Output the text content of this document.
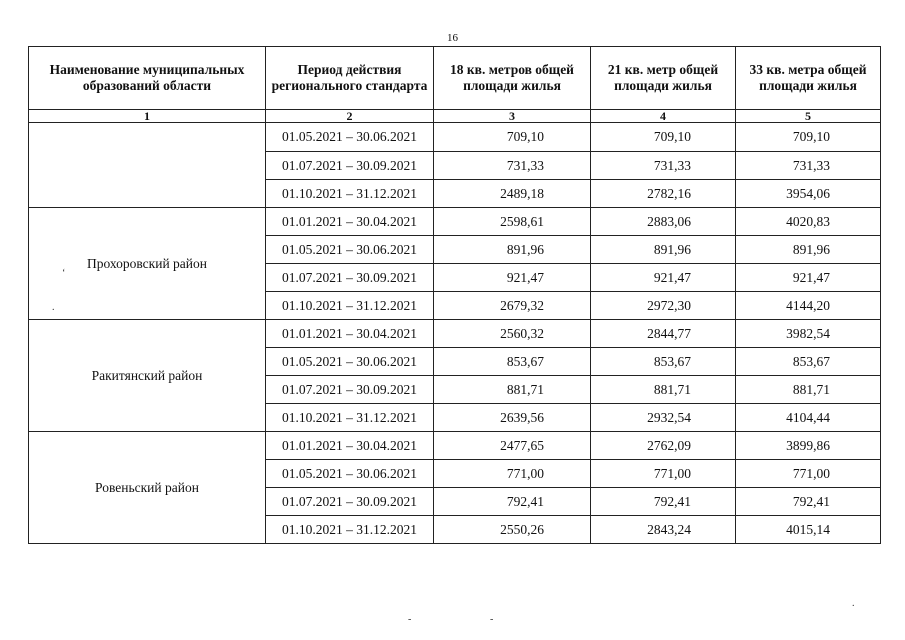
16
Наименование муниципальных образований области	Период действия регионального стандарта	18 кв. метров общей площади жилья	21 кв. метр общей площади жилья	33 кв. метра общей площади жилья
1	2	3	4	5
	01.05.2021 – 30.06.2021	709,10	709,10	709,10
	01.07.2021 – 30.09.2021	731,33	731,33	731,33
	01.10.2021 – 31.12.2021	2489,18	2782,16	3954,06
Прохоровский район	01.01.2021 – 30.04.2021	2598,61	2883,06	4020,83
	01.05.2021 – 30.06.2021	891,96	891,96	891,96
	01.07.2021 – 30.09.2021	921,47	921,47	921,47
	01.10.2021 – 31.12.2021	2679,32	2972,30	4144,20
Ракитянский район	01.01.2021 – 30.04.2021	2560,32	2844,77	3982,54
	01.05.2021 – 30.06.2021	853,67	853,67	853,67
	01.07.2021 – 30.09.2021	881,71	881,71	881,71
	01.10.2021 – 31.12.2021	2639,56	2932,54	4104,44
Ровеньский район	01.01.2021 – 30.04.2021	2477,65	2762,09	3899,86
	01.05.2021 – 30.06.2021	771,00	771,00	771,00
	01.07.2021 – 30.09.2021	792,41	792,41	792,41
	01.10.2021 – 31.12.2021	2550,26	2843,24	4015,14
‘
.
.
-	-
